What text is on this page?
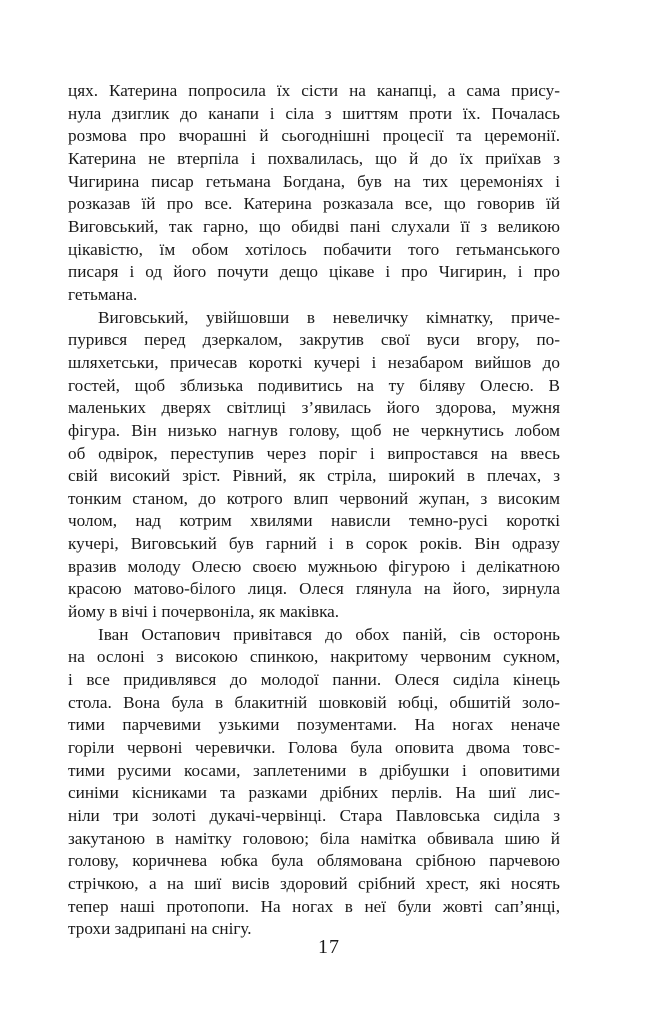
цях. Катерина попросила їх сісти на канапці, а сама прису-
нула дзиглик до канапи і сіла з шиттям проти їх. Почалась
розмова про вчорашні й сьогоднішні процесії та церемонії.
Катерина не втерпіла і похвалилась, що й до їх приїхав з
Чигирина писар гетьмана Богдана, був на тих церемоніях і
розказав їй про все. Катерина розказала все, що говорив їй
Виговський, так гарно, що обидві пані слухали її з великою
цікавістю, їм обом хотілось побачити того гетьманського
писаря і од його почути дещо цікаве і про Чигирин, і про
гетьмана.
Виговський, увійшовши в невеличку кімнатку, приче-
пурився перед дзеркалом, закрутив свої вуси вгору, по-
шляхетськи, причесав короткі кучері і незабаром вийшов до
гостей, щоб зблизька подивитись на ту біляву Олесю. В
маленьких дверях світлиці з’явилась його здорова, мужня
фігура. Він низько нагнув голову, щоб не черкнутись лобом
об одвірок, переступив через поріг і випростався на ввесь
свій високий зріст. Рівний, як стріла, широкий в плечах, з
тонким станом, до котрого влип червоний жупан, з високим
чолом, над котрим хвилями нависли темно-русі короткі
кучері, Виговський був гарний і в сорок років. Він одразу
вразив молоду Олесю своєю мужньою фігурою і делікатною
красою матово-білого лиця. Олеся глянула на його, зирнула
йому в вічі і почервоніла, як маківка.
Іван Остапович привітався до обох паній, сів осторонь
на ослоні з високою спинкою, накритому червоним сукном,
і все придивлявся до молодої панни. Олеся сиділа кінець
стола. Вона була в блакитній шовковій юбці, обшитій золо-
тими парчевими узькими позументами. На ногах неначе
горіли червоні черевички. Голова була оповита двома товс-
тими русими косами, заплетеними в дрібушки і оповитими
синіми кісниками та разками дрібних перлів. На шиї лис-
ніли три золоті дукачі-червінці. Стара Павловська сиділа з
закутаною в намітку головою; біла намітка обвивала шию й
голову, коричнева юбка була облямована срібною парчевою
стрічкою, а на шиї висів здоровий срібний хрест, які носять
тепер наші протопопи. На ногах в неї були жовті сап’янці,
трохи задрипані на снігу.
17
